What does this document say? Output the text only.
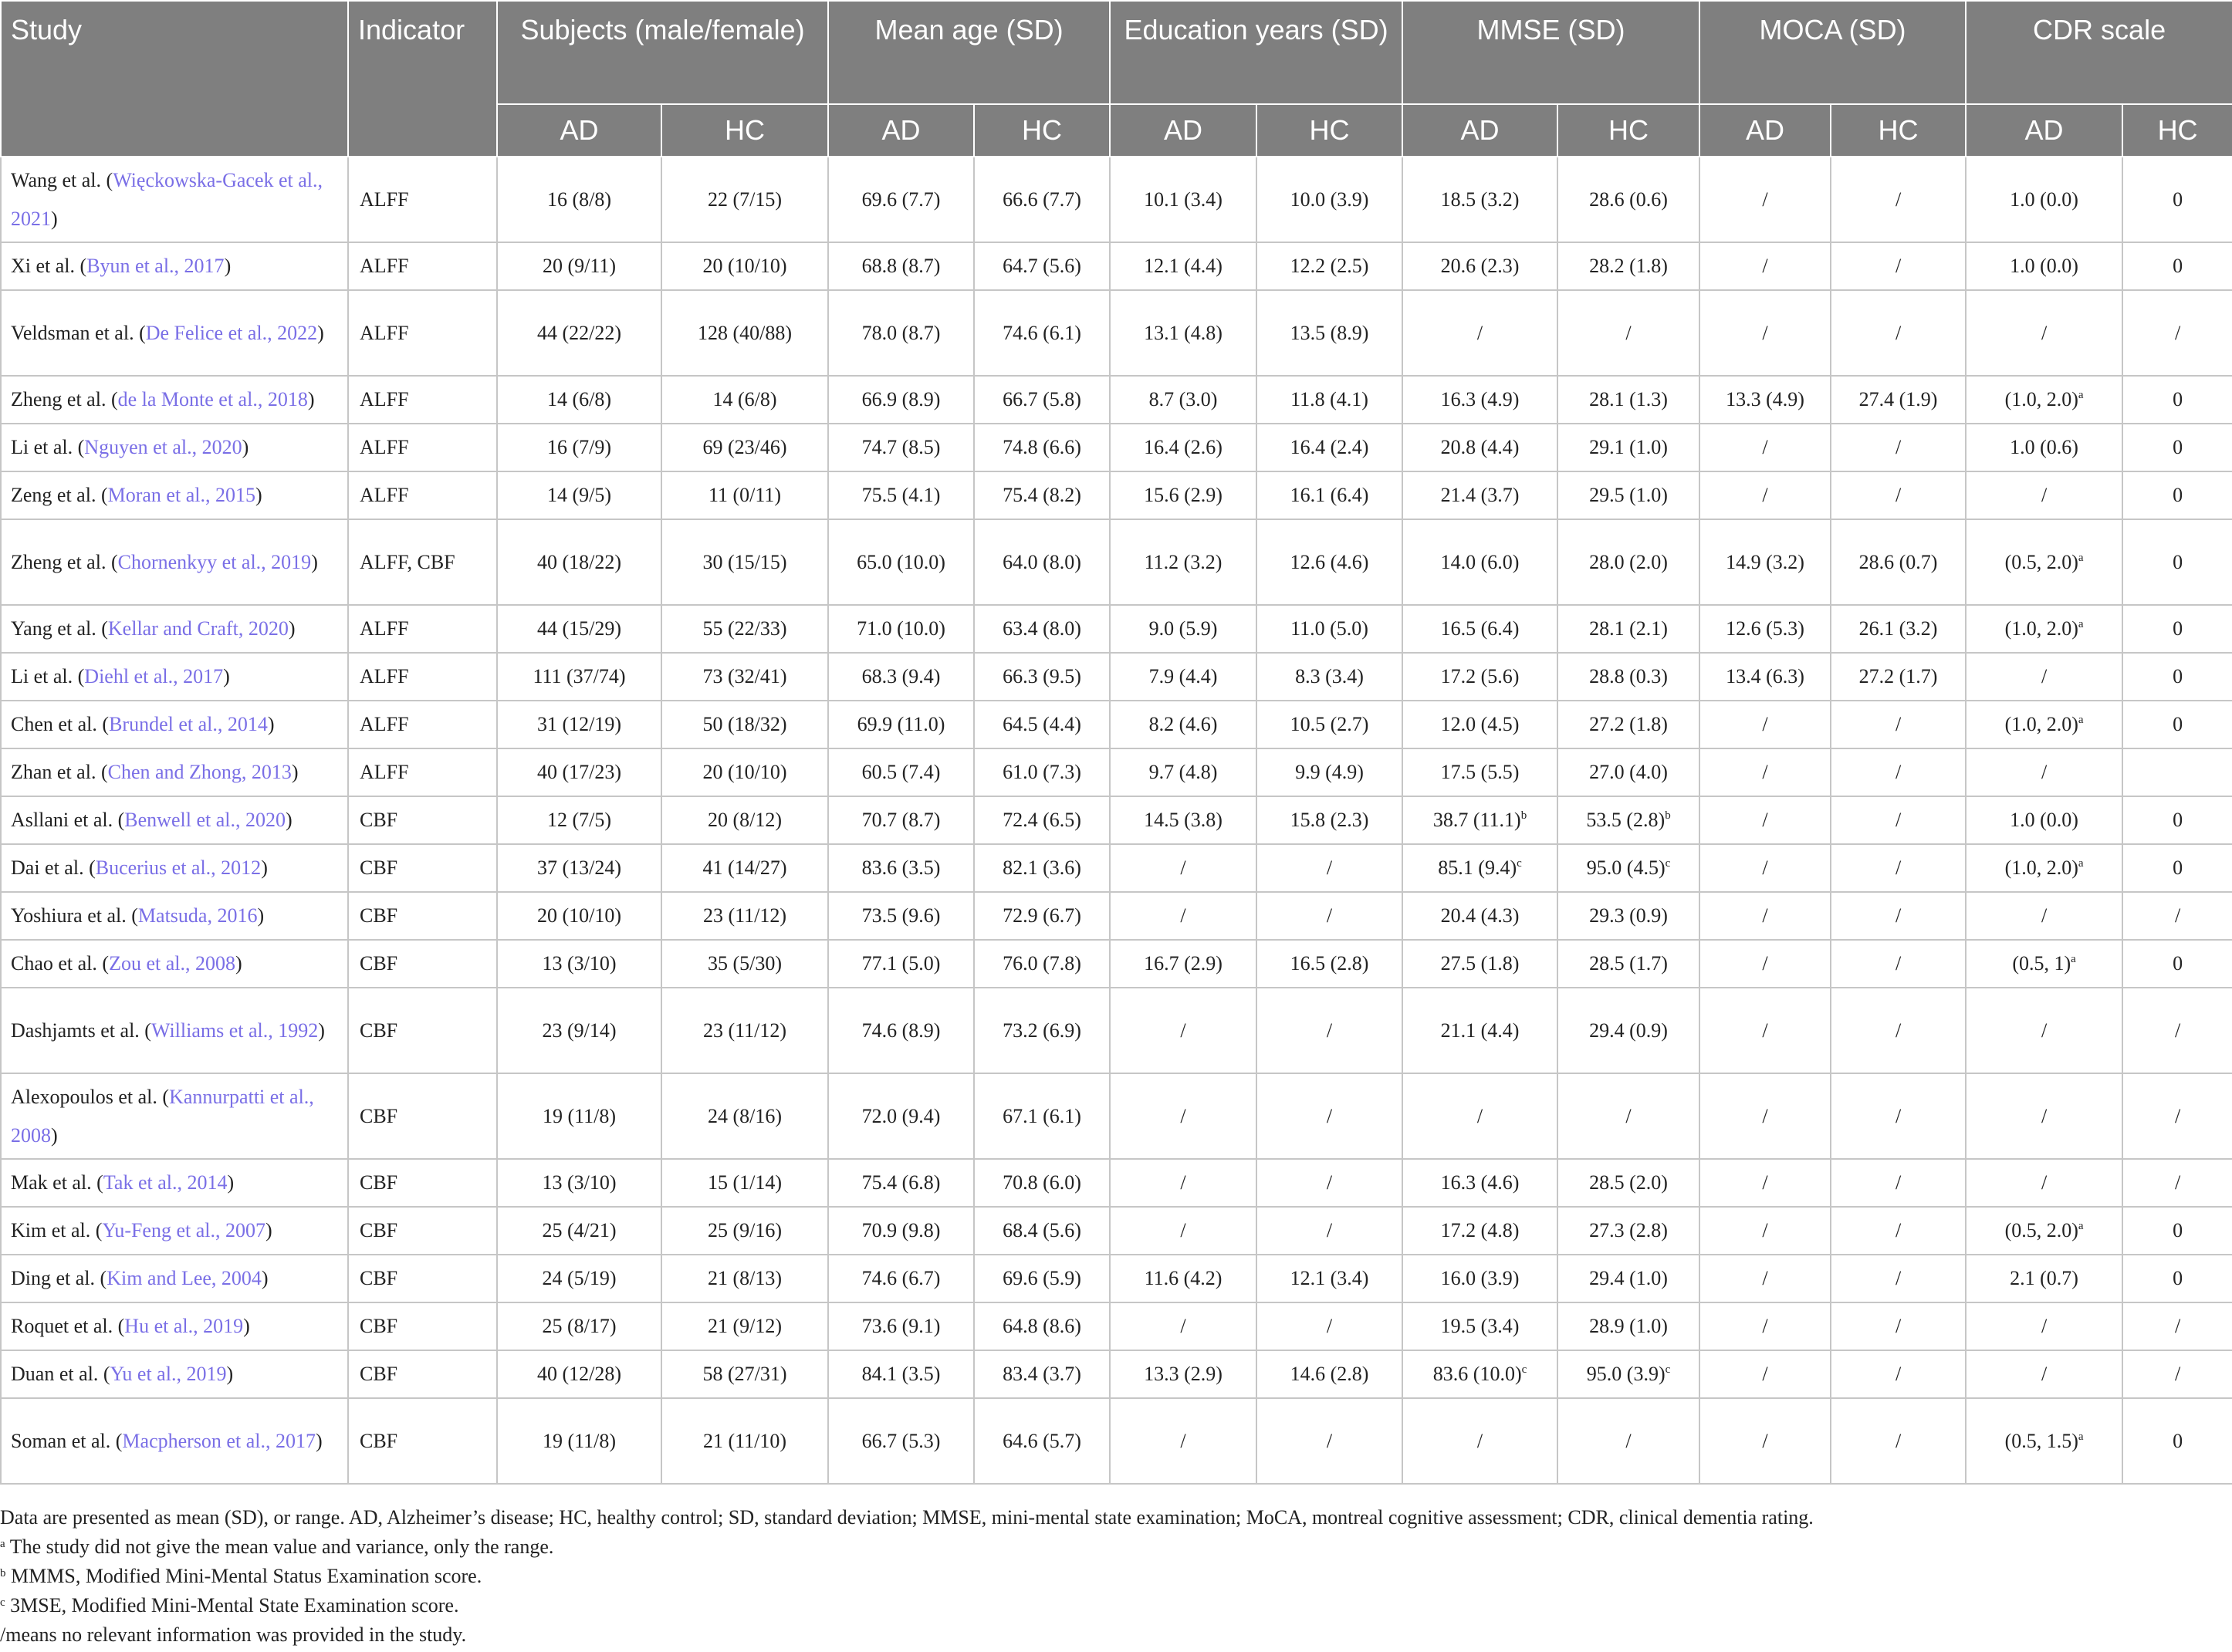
Study	Indicator	Subjects (male/female)		Mean age (SD)		Education years (SD)		MMSE (SD)		MOCA (SD)		CDR scale	
		AD	HC	AD	HC	AD	HC	AD	HC	AD	HC	AD	HC
Wang et al. (Więckowska-Gacek et al., 2021)	ALFF	16 (8/8)	22 (7/15)	69.6 (7.7)	66.6 (7.7)	10.1 (3.4)	10.0 (3.9)	18.5 (3.2)	28.6 (0.6)	/	/	1.0 (0.0)	0
Xi et al. (Byun et al., 2017)	ALFF	20 (9/11)	20 (10/10)	68.8 (8.7)	64.7 (5.6)	12.1 (4.4)	12.2 (2.5)	20.6 (2.3)	28.2 (1.8)	/	/	1.0 (0.0)	0
Veldsman et al. (De Felice et al., 2022)	ALFF	44 (22/22)	128 (40/88)	78.0 (8.7)	74.6 (6.1)	13.1 (4.8)	13.5 (8.9)	/	/	/	/	/	/
Zheng et al. (de la Monte et al., 2018)	ALFF	14 (6/8)	14 (6/8)	66.9 (8.9)	66.7 (5.8)	8.7 (3.0)	11.8 (4.1)	16.3 (4.9)	28.1 (1.3)	13.3 (4.9)	27.4 (1.9)	(1.0, 2.0)$^a$	0
Li et al. (Nguyen et al., 2020)	ALFF	16 (7/9)	69 (23/46)	74.7 (8.5)	74.8 (6.6)	16.4 (2.6)	16.4 (2.4)	20.8 (4.4)	29.1 (1.0)	/	/	1.0 (0.6)	0
Zeng et al. (Moran et al., 2015)	ALFF	14 (9/5)	11 (0/11)	75.5 (4.1)	75.4 (8.2)	15.6 (2.9)	16.1 (6.4)	21.4 (3.7)	29.5 (1.0)	/	/	/	0
Zheng et al. (Chornenkyy et al., 2019)	ALFF, CBF	40 (18/22)	30 (15/15)	65.0 (10.0)	64.0 (8.0)	11.2 (3.2)	12.6 (4.6)	14.0 (6.0)	28.0 (2.0)	14.9 (3.2)	28.6 (0.7)	(0.5, 2.0)$^a$	0
Yang et al. (Kellar and Craft, 2020)	ALFF	44 (15/29)	55 (22/33)	71.0 (10.0)	63.4 (8.0)	9.0 (5.9)	11.0 (5.0)	16.5 (6.4)	28.1 (2.1)	12.6 (5.3)	26.1 (3.2)	(1.0, 2.0)$^a$	0
Li et al. (Diehl et al., 2017)	ALFF	111 (37/74)	73 (32/41)	68.3 (9.4)	66.3 (9.5)	7.9 (4.4)	8.3 (3.4)	17.2 (5.6)	28.8 (0.3)	13.4 (6.3)	27.2 (1.7)	/	0
Chen et al. (Brundel et al., 2014)	ALFF	31 (12/19)	50 (18/32)	69.9 (11.0)	64.5 (4.4)	8.2 (4.6)	10.5 (2.7)	12.0 (4.5)	27.2 (1.8)	/	/	(1.0, 2.0)$^a$	0
Zhan et al. (Chen and Zhong, 2013)	ALFF	40 (17/23)	20 (10/10)	60.5 (7.4)	61.0 (7.3)	9.7 (4.8)	9.9 (4.9)	17.5 (5.5)	27.0 (4.0)	/	/	/	
Asllani et al. (Benwell et al., 2020)	CBF	12 (7/5)	20 (8/12)	70.7 (8.7)	72.4 (6.5)	14.5 (3.8)	15.8 (2.3)	38.7 $(11.1)^b$	53.5 $(2.8)^b$	/	/	1.0 (0.0)	0
Dai et al. (Bucerius et al., 2012)	CBF	37 (13/24)	41 (14/27)	83.6 (3.5)	82.1 (3.6)	/	/	85.1 $(9.4)^c$	95.0 $(4.5)^c$	/	/	(1.0, 2.0)$^a$	0
Yoshiura et al. (Matsuda, 2016)	CBF	20 (10/10)	23 (11/12)	73.5 (9.6)	72.9 (6.7)	/	/	20.4 (4.3)	29.3 (0.9)	/	/	/	/
Chao et al. (Zou et al., 2008)	CBF	13 (3/10)	35 (5/30)	77.1 (5.0)	76.0 (7.8)	16.7 (2.9)	16.5 (2.8)	27.5 (1.8)	28.5 (1.7)	/	/	(0.5, 1)$^a$	0
Dashjamts et al. (Williams et al., 1992)	CBF	23 (9/14)	23 (11/12)	74.6 (8.9)	73.2 (6.9)	/	/	21.1 (4.4)	29.4 (0.9)	/	/	/	/
Alexopoulos et al. (Kannurpatti et al., 2008)	CBF	19 (11/8)	24 (8/16)	72.0 (9.4)	67.1 (6.1)	/	/	/	/	/	/	/	/
Mak et al. (Tak et al., 2014)	CBF	13 (3/10)	15 (1/14)	75.4 (6.8)	70.8 (6.0)	/	/	16.3 (4.6)	28.5 (2.0)	/	/	/	/
Kim et al. (Yu-Feng et al., 2007)	CBF	25 (4/21)	25 (9/16)	70.9 (9.8)	68.4 (5.6)	/	/	17.2 (4.8)	27.3 (2.8)	/	/	(0.5, 2.0)$^a$	0
Ding et al. (Kim and Lee, 2004)	CBF	24 (5/19)	21 (8/13)	74.6 (6.7)	69.6 (5.9)	11.6 (4.2)	12.1 (3.4)	16.0 (3.9)	29.4 (1.0)	/	/	2.1 (0.7)	0
Roquet et al. (Hu et al., 2019)	CBF	25 (8/17)	21 (9/12)	73.6 (9.1)	64.8 (8.6)	/	/	19.5 (3.4)	28.9 (1.0)	/	/	/	/
Duan et al. (Yu et al., 2019)	CBF	40 (12/28)	58 (27/31)	84.1 (3.5)	83.4 (3.7)	13.3 (2.9)	14.6 (2.8)	83.6 $(10.0)^c$	95.0 $(3.9)^c$	/	/	/	/
Soman et al. (Macpherson et al., 2017)	CBF	19 (11/8)	21 (11/10)	66.7 (5.3)	64.6 (5.7)	/	/	/	/	/	/	(0.5, 1.5)$^a$	0
Data are presented as mean (SD), or range. AD, Alzheimer’s disease; HC, healthy control; SD, standard deviation; MMSE, mini-mental state examination; MoCA, montreal cognitive assessment; CDR, clinical dementia rating.
$^a$ The study did not give the mean value and variance, only the range.
$^b$ MMMS, Modified Mini-Mental Status Examination score.
$^c$ 3MSE, Modified Mini-Mental State Examination score.
/means no relevant information was provided in the study.
